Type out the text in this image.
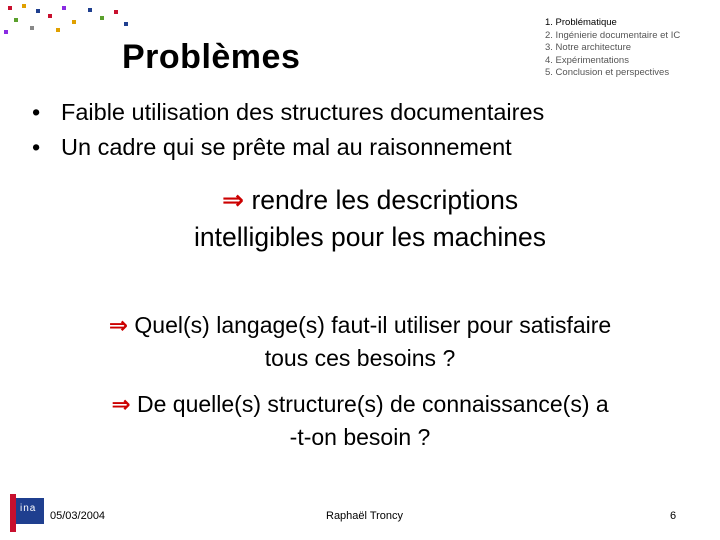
Problèmes
1. Problématique
2. Ingénierie documentaire et IC
3. Notre architecture
4. Expérimentations
5. Conclusion et perspectives
• Faible utilisation des structures documentaires
• Un cadre qui se prête mal au raisonnement
⇒ rendre les descriptions
intelligibles pour les machines
⇒ Quel(s) langage(s) faut-il utiliser pour satisfaire
tous ces besoins ?
⇒ De quelle(s) structure(s) de connaissance(s) a
-t-on besoin ?
ina
05/03/2004	Raphaël Troncy	6
